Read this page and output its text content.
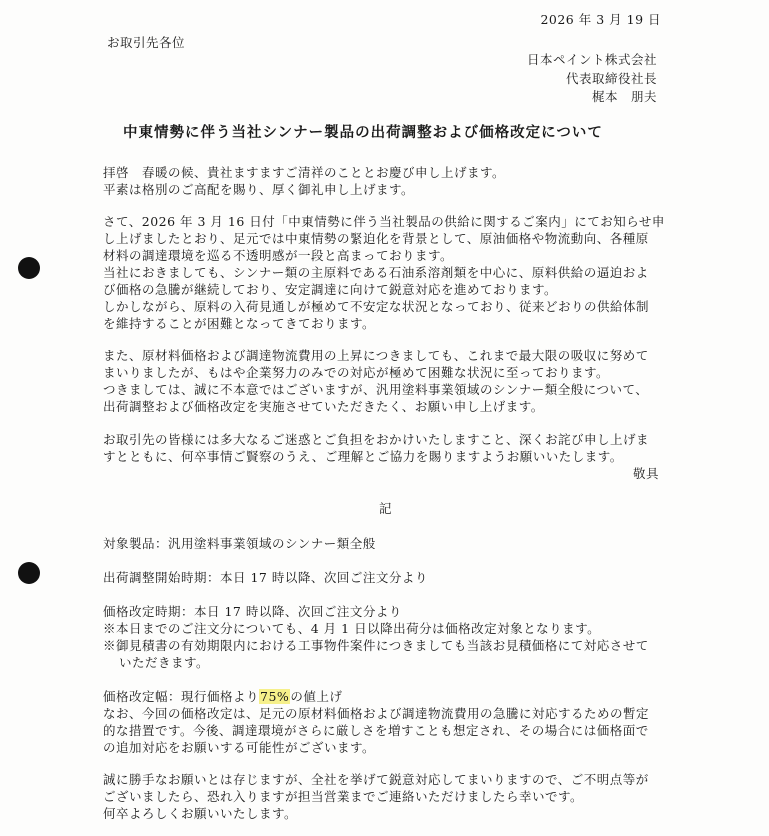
2026 年 3 月 19 日
お取引先各位
日本ペイント株式会社
代表取締役社長
梶本　朋夫
中東情勢に伴う当社シンナー製品の出荷調整および価格改定について
拝啓　春暖の候、貴社ますますご清祥のこととお慶び申し上げます。
平素は格別のご高配を賜り、厚く御礼申し上げます。
さて、2026 年 3 月 16 日付「中東情勢に伴う当社製品の供給に関するご案内」にてお知らせ申
し上げましたとおり、足元では中東情勢の緊迫化を背景として、原油価格や物流動向、各種原
材料の調達環境を巡る不透明感が一段と高まっております。
当社におきましても、シンナー類の主原料である石油系溶剤類を中心に、原料供給の逼迫およ
び価格の急騰が継続しており、安定調達に向けて鋭意対応を進めております。
しかしながら、原料の入荷見通しが極めて不安定な状況となっており、従来どおりの供給体制
を維持することが困難となってきております。
また、原材料価格および調達物流費用の上昇につきましても、これまで最大限の吸収に努めて
まいりましたが、もはや企業努力のみでの対応が極めて困難な状況に至っております。
つきましては、誠に不本意ではございますが、汎用塗料事業領域のシンナー類全般について、
出荷調整および価格改定を実施させていただきたく、お願い申し上げます。
お取引先の皆様には多大なるご迷惑とご負担をおかけいたしますこと、深くお詫び申し上げま
すとともに、何卒事情ご賢察のうえ、ご理解とご協力を賜りますようお願いいたします。
敬具
記
対象製品：汎用塗料事業領域のシンナー類全般
出荷調整開始時期：本日 17 時以降、次回ご注文分より
価格改定時期：本日 17 時以降、次回ご注文分より
※本日までのご注文分についても、4 月 1 日以降出荷分は価格改定対象となります。
※御見積書の有効期限内における工事物件案件につきましても当該お見積価格にて対応させて
いただきます。
価格改定幅：現行価格より75%の値上げ
なお、今回の価格改定は、足元の原材料価格および調達物流費用の急騰に対応するための暫定
的な措置です。今後、調達環境がさらに厳しさを増すことも想定され、その場合には価格面で
の追加対応をお願いする可能性がございます。
誠に勝手なお願いとは存じますが、全社を挙げて鋭意対応してまいりますので、ご不明点等が
ございましたら、恐れ入りますが担当営業までご連絡いただけましたら幸いです。
何卒よろしくお願いいたします。
